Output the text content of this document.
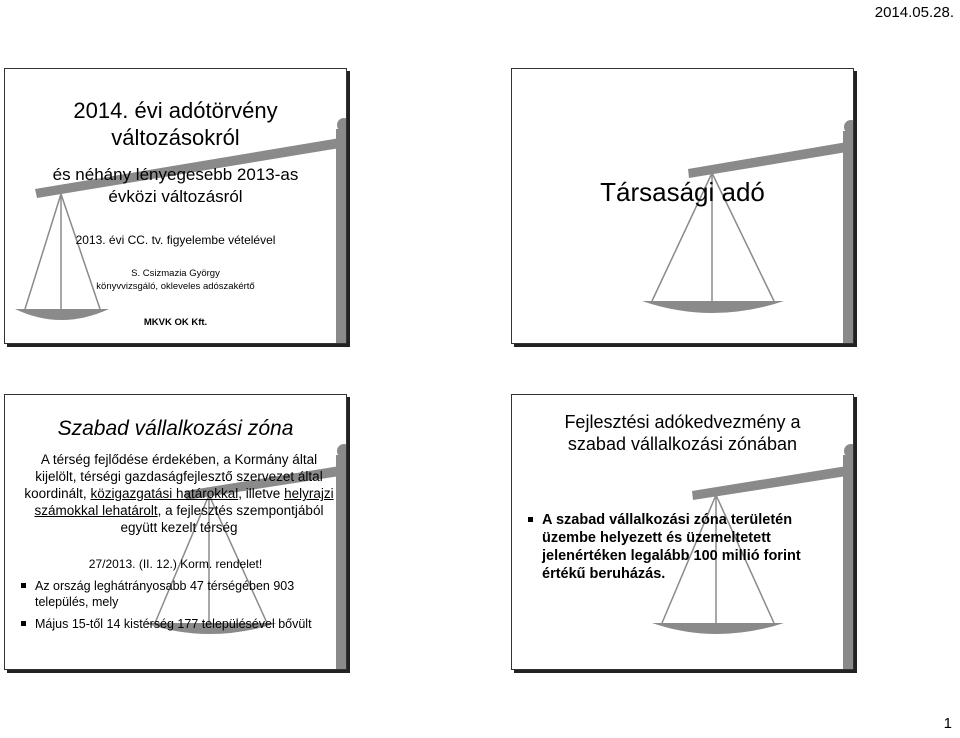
2014.05.28.
2014. évi adótörvény
változásokról
és néhány lényegesebb 2013-as
évközi változásról
2013. évi CC. tv. figyelembe vételével
S. Csizmazia György
könyvvizsgáló, okleveles adószakértő
MKVK OK Kft.
Társasági adó
Szabad vállalkozási zóna
A térség fejlődése érdekében, a Kormány által kijelölt, térségi gazdaságfejlesztő szervezet által koordinált, közigazgatási határokkal, illetve helyrajzi számokkal lehatárolt, a fejlesztés szempontjából együtt kezelt térség
27/2013. (II. 12.) Korm. rendelet!
Az ország leghátrányosabb 47 térségében 903 település, mely
Május 15-től 14 kistérség 177 településével bővült
Fejlesztési adókedvezmény a
szabad vállalkozási zónában
A szabad vállalkozási zóna területén üzembe helyezett és üzemeltetett jelenértéken legalább 100 millió forint értékű beruházás.
1
